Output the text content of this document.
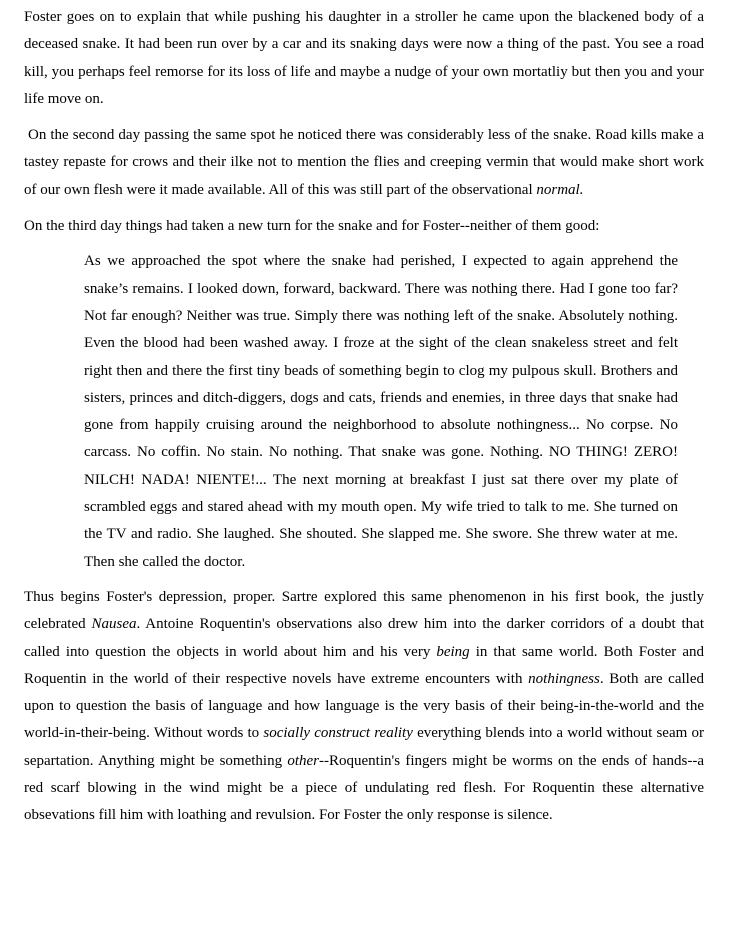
Foster goes on to explain that while pushing his daughter in a stroller he came upon the blackened body of a deceased snake. It had been run over by a car and its snaking days were now a thing of the past. You see a road kill, you perhaps feel remorse for its loss of life and maybe a nudge of your own mortatliy but then you and your life move on.

On the second day passing the same spot he noticed there was considerably less of the snake. Road kills make a tastey repaste for crows and their ilke not to mention the flies and creeping vermin that would make short work of our own flesh were it made available. All of this was still part of the observational normal.

On the third day things had taken a new turn for the snake and for Foster--neither of them good:

As we approached the spot where the snake had perished, I expected to again apprehend the snake’s remains. I looked down, forward, backward. There was nothing there. Had I gone too far? Not far enough? Neither was true. Simply there was nothing left of the snake. Absolutely nothing. Even the blood had been washed away. I froze at the sight of the clean snakeless street and felt right then and there the first tiny beads of something begin to clog my pulpous skull. Brothers and sisters, princes and ditch-diggers, dogs and cats, friends and enemies, in three days that snake had gone from happily cruising around the neighborhood to absolute nothingness... No corpse. No carcass. No coffin. No stain. No nothing. That snake was gone. Nothing. NO THING! ZERO! NILCH! NADA! NIENTE!... The next morning at breakfast I just sat there over my plate of scrambled eggs and stared ahead with my mouth open. My wife tried to talk to me. She turned on the TV and radio. She laughed. She shouted. She slapped me. She swore. She threw water at me. Then she called the doctor.

Thus begins Foster's depression, proper. Sartre explored this same phenomenon in his first book, the justly celebrated Nausea. Antoine Roquentin's observations also drew him into the darker corridors of a doubt that called into question the objects in world about him and his very being in that same world. Both Foster and Roquentin in the world of their respective novels have extreme encounters with nothingness. Both are called upon to question the basis of language and how language is the very basis of their being-in-the-world and the world-in-their-being. Without words to socially construct reality everything blends into a world without seam or separtation. Anything might be something other--Roquentin's fingers might be worms on the ends of hands--a red scarf blowing in the wind might be a piece of undulating red flesh. For Roquentin these alternative obsevations fill him with loathing and revulsion. For Foster the only response is silence.
